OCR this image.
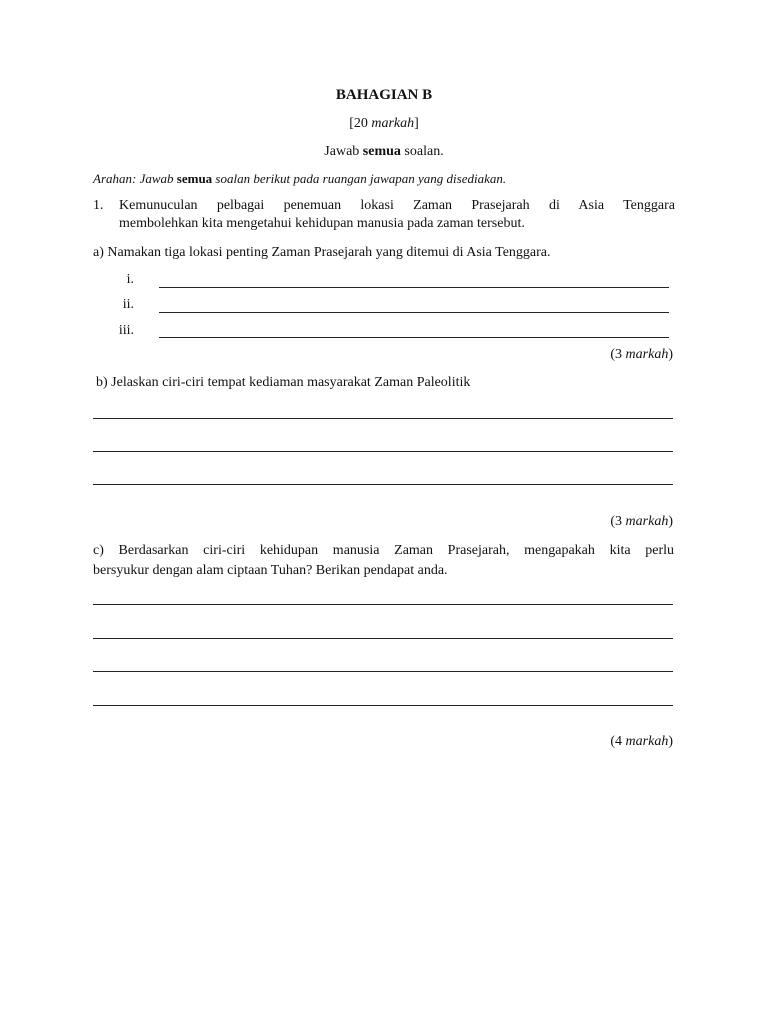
BAHAGIAN B
[20 markah]
Jawab semua soalan.
Arahan: Jawab semua soalan berikut pada ruangan jawapan yang disediakan.
1. Kemunuculan pelbagai penemuan lokasi Zaman Prasejarah di Asia Tenggara
membolehkan kita mengetahui kehidupan manusia pada zaman tersebut.
a) Namakan tiga lokasi penting Zaman Prasejarah yang ditemui di Asia Tenggara.
i.
ii.
iii.
(3 markah)
b) Jelaskan ciri-ciri tempat kediaman masyarakat Zaman Paleolitik
(3 markah)
c) Berdasarkan ciri-ciri kehidupan manusia Zaman Prasejarah, mengapakah kita perlu
bersyukur dengan alam ciptaan Tuhan? Berikan pendapat anda.
(4 markah)
